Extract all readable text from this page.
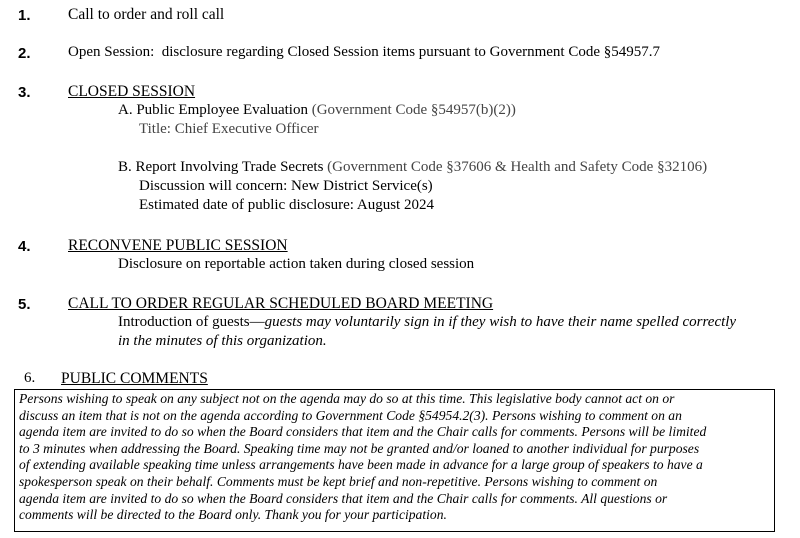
1. Call to order and roll call
2. Open Session: disclosure regarding Closed Session items pursuant to Government Code §54957.7
3. CLOSED SESSION
A. Public Employee Evaluation (Government Code §54957(b)(2))
Title: Chief Executive Officer
B. Report Involving Trade Secrets (Government Code §37606 & Health and Safety Code §32106)
Discussion will concern: New District Service(s)
Estimated date of public disclosure: August 2024
4. RECONVENE PUBLIC SESSION
Disclosure on reportable action taken during closed session
5. CALL TO ORDER REGULAR SCHEDULED BOARD MEETING
Introduction of guests—guests may voluntarily sign in if they wish to have their name spelled correctly
in the minutes of this organization.
6. PUBLIC COMMENTS
Persons wishing to speak on any subject not on the agenda may do so at this time. This legislative body cannot act on or
discuss an item that is not on the agenda according to Government Code §54954.2(3). Persons wishing to comment on an
agenda item are invited to do so when the Board considers that item and the Chair calls for comments. Persons will be limited
to 3 minutes when addressing the Board. Speaking time may not be granted and/or loaned to another individual for purposes
of extending available speaking time unless arrangements have been made in advance for a large group of speakers to have a
spokesperson speak on their behalf. Comments must be kept brief and non-repetitive. Persons wishing to comment on
agenda item are invited to do so when the Board considers that item and the Chair calls for comments. All questions or
comments will be directed to the Board only. Thank you for your participation.
